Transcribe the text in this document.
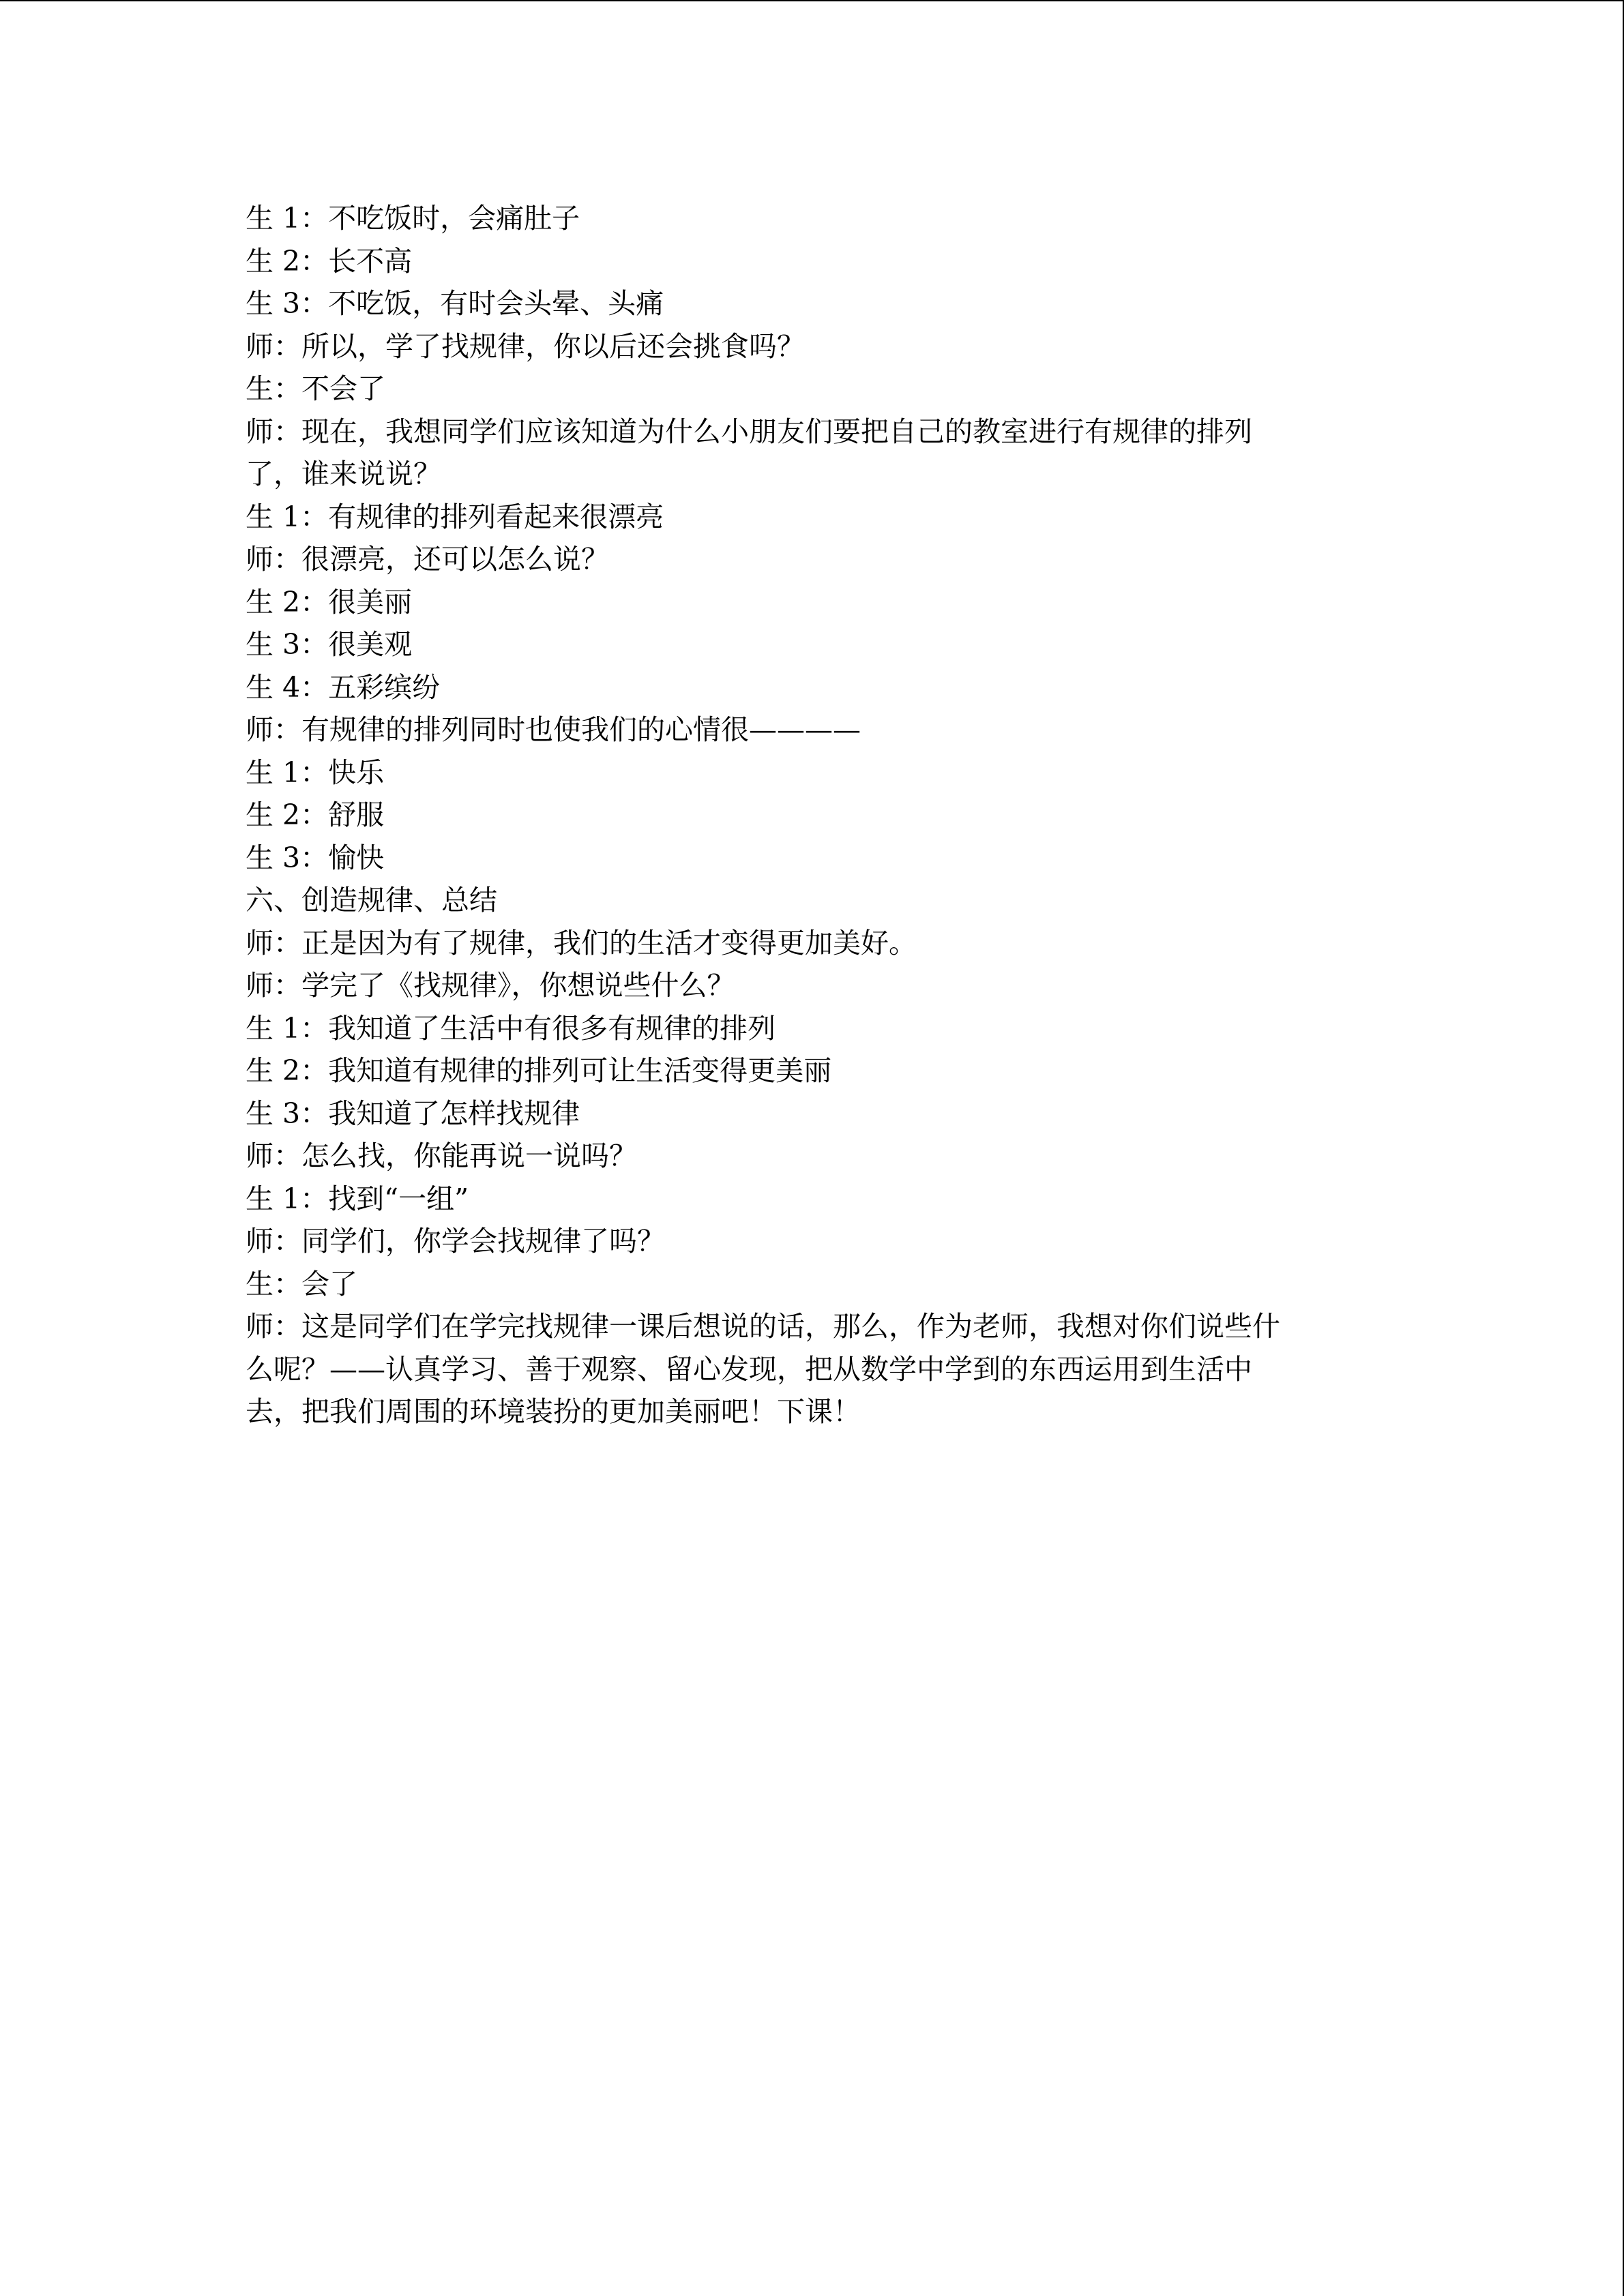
生 1：不吃饭时，会痛肚子
生 2：长不高
生 3：不吃饭，有时会头晕、头痛
师：所以，学了找规律，你以后还会挑食吗？
生：不会了
师：现在，我想同学们应该知道为什么小朋友们要把自己的教室进行有规律的排列
了，谁来说说？
生 1：有规律的排列看起来很漂亮
师：很漂亮，还可以怎么说？
生 2：很美丽
生 3：很美观
生 4：五彩缤纷
师：有规律的排列同时也使我们的心情很————
生 1：快乐
生 2：舒服
生 3：愉快
六、创造规律、总结
师：正是因为有了规律，我们的生活才变得更加美好。
师：学完了《找规律》，你想说些什么？
生 1：我知道了生活中有很多有规律的排列
生 2：我知道有规律的排列可让生活变得更美丽
生 3：我知道了怎样找规律
师：怎么找，你能再说一说吗？
生 1：找到“一组”
师：同学们，你学会找规律了吗？
生：会了
师：这是同学们在学完找规律一课后想说的话，那么，作为老师，我想对你们说些什
么呢？——认真学习、善于观察、留心发现，把从数学中学到的东西运用到生活中
去，把我们周围的环境装扮的更加美丽吧！下课！
